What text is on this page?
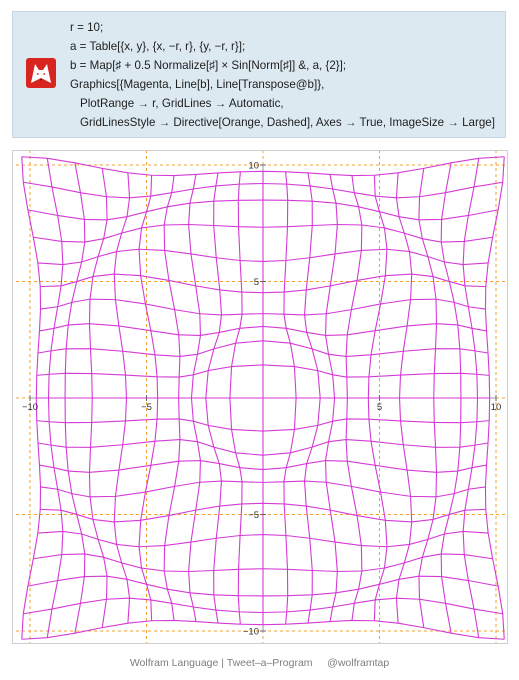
r = 10;
a = Table[{x, y}, {x, −r, r}, {y, −r, r}];
b = Map[♯ + 0.5 Normalize[♯] × Sin[Norm[♯]] &, a, {2}];
Graphics[{Magenta, Line[b], Line[Transpose@b]},
PlotRange → r, GridLines → Automatic,
GridLinesStyle → Directive[Orange, Dashed], Axes → True, ImageSize → Large]
−10	−5	5	10
−10
−5
5
10
Wolfram Language | Tweet–a–Program @wolframtap
